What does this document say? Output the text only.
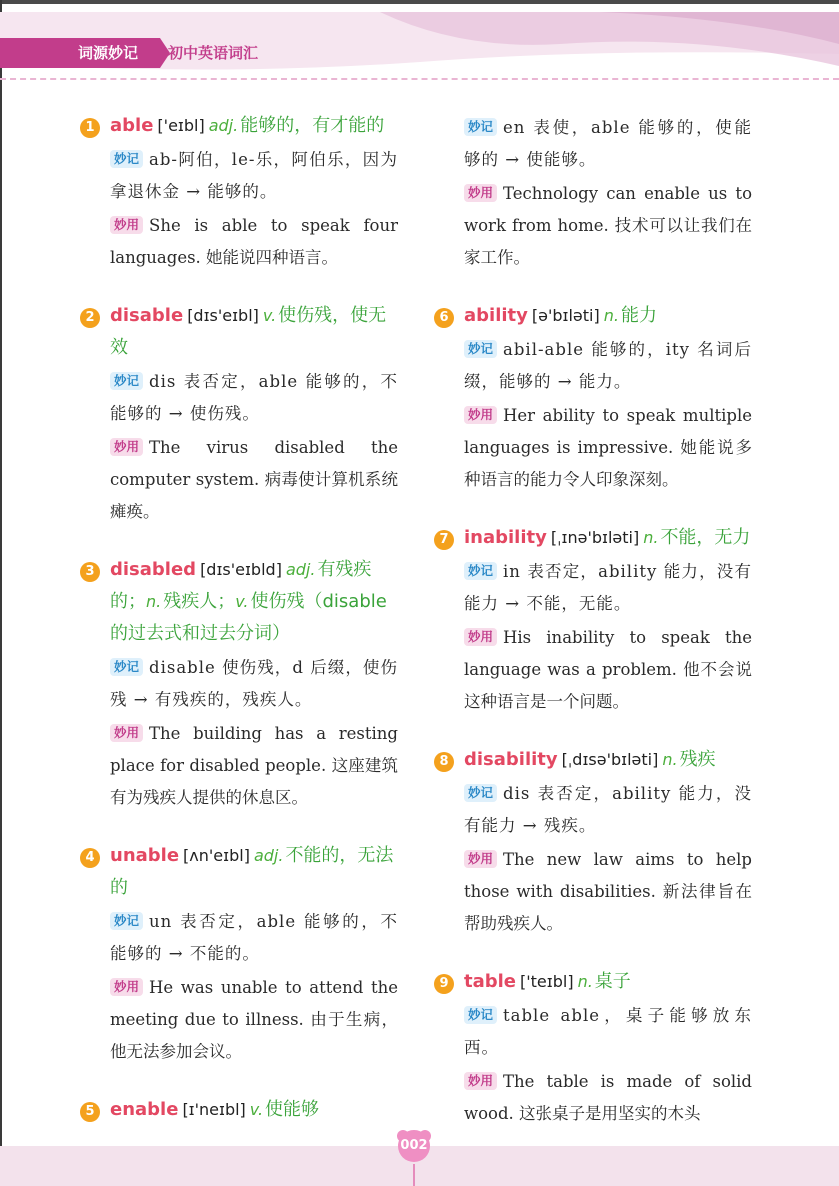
词源妙记	初中英语词汇
1 able ['eɪbl] adj. 能够的，有才能的
妙记 ab-阿伯，le-乐，阿伯乐，因为拿退休金 → 能够的。
妙用 She is able to speak four languages. 她能说四种语言。
2 disable [dɪs'eɪbl] v. 使伤残，使无效
妙记 dis 表否定，able 能够的，不能够的 → 使伤残。
妙用 The virus disabled the computer system. 病毒使计算机系统瘫痪。
3 disabled [dɪs'eɪbld] adj. 有残疾的；n. 残疾人；v. 使伤残（disable 的过去式和过去分词）
妙记 disable 使伤残，d 后缀，使伤残 → 有残疾的，残疾人。
妙用 The building has a resting place for disabled people. 这座建筑有为残疾人提供的休息区。
4 unable [ʌn'eɪbl] adj. 不能的，无法的
妙记 un 表否定，able 能够的，不能够的 → 不能的。
妙用 He was unable to attend the meeting due to illness. 由于生病，他无法参加会议。
5 enable [ɪ'neɪbl] v. 使能够
妙记 en 表使，able 能够的，使能够的 → 使能够。
妙用 Technology can enable us to work from home. 技术可以让我们在家工作。
6 ability [ə'bɪləti] n. 能力
妙记 abil-able 能够的，ity 名词后缀，能够的 → 能力。
妙用 Her ability to speak multiple languages is impressive. 她能说多种语言的能力令人印象深刻。
7 inability [ˌɪnə'bɪləti] n. 不能，无力
妙记 in 表否定，ability 能力，没有能力 → 不能，无能。
妙用 His inability to speak the language was a problem. 他不会说这种语言是一个问题。
8 disability [ˌdɪsə'bɪləti] n. 残疾
妙记 dis 表否定，ability 能力，没有能力 → 残疾。
妙用 The new law aims to help those with disabilities. 新法律旨在帮助残疾人。
9 table ['teɪbl] n. 桌子
妙记 table able，桌子能够放东西。
妙用 The table is made of solid wood. 这张桌子是用坚实的木头
002
